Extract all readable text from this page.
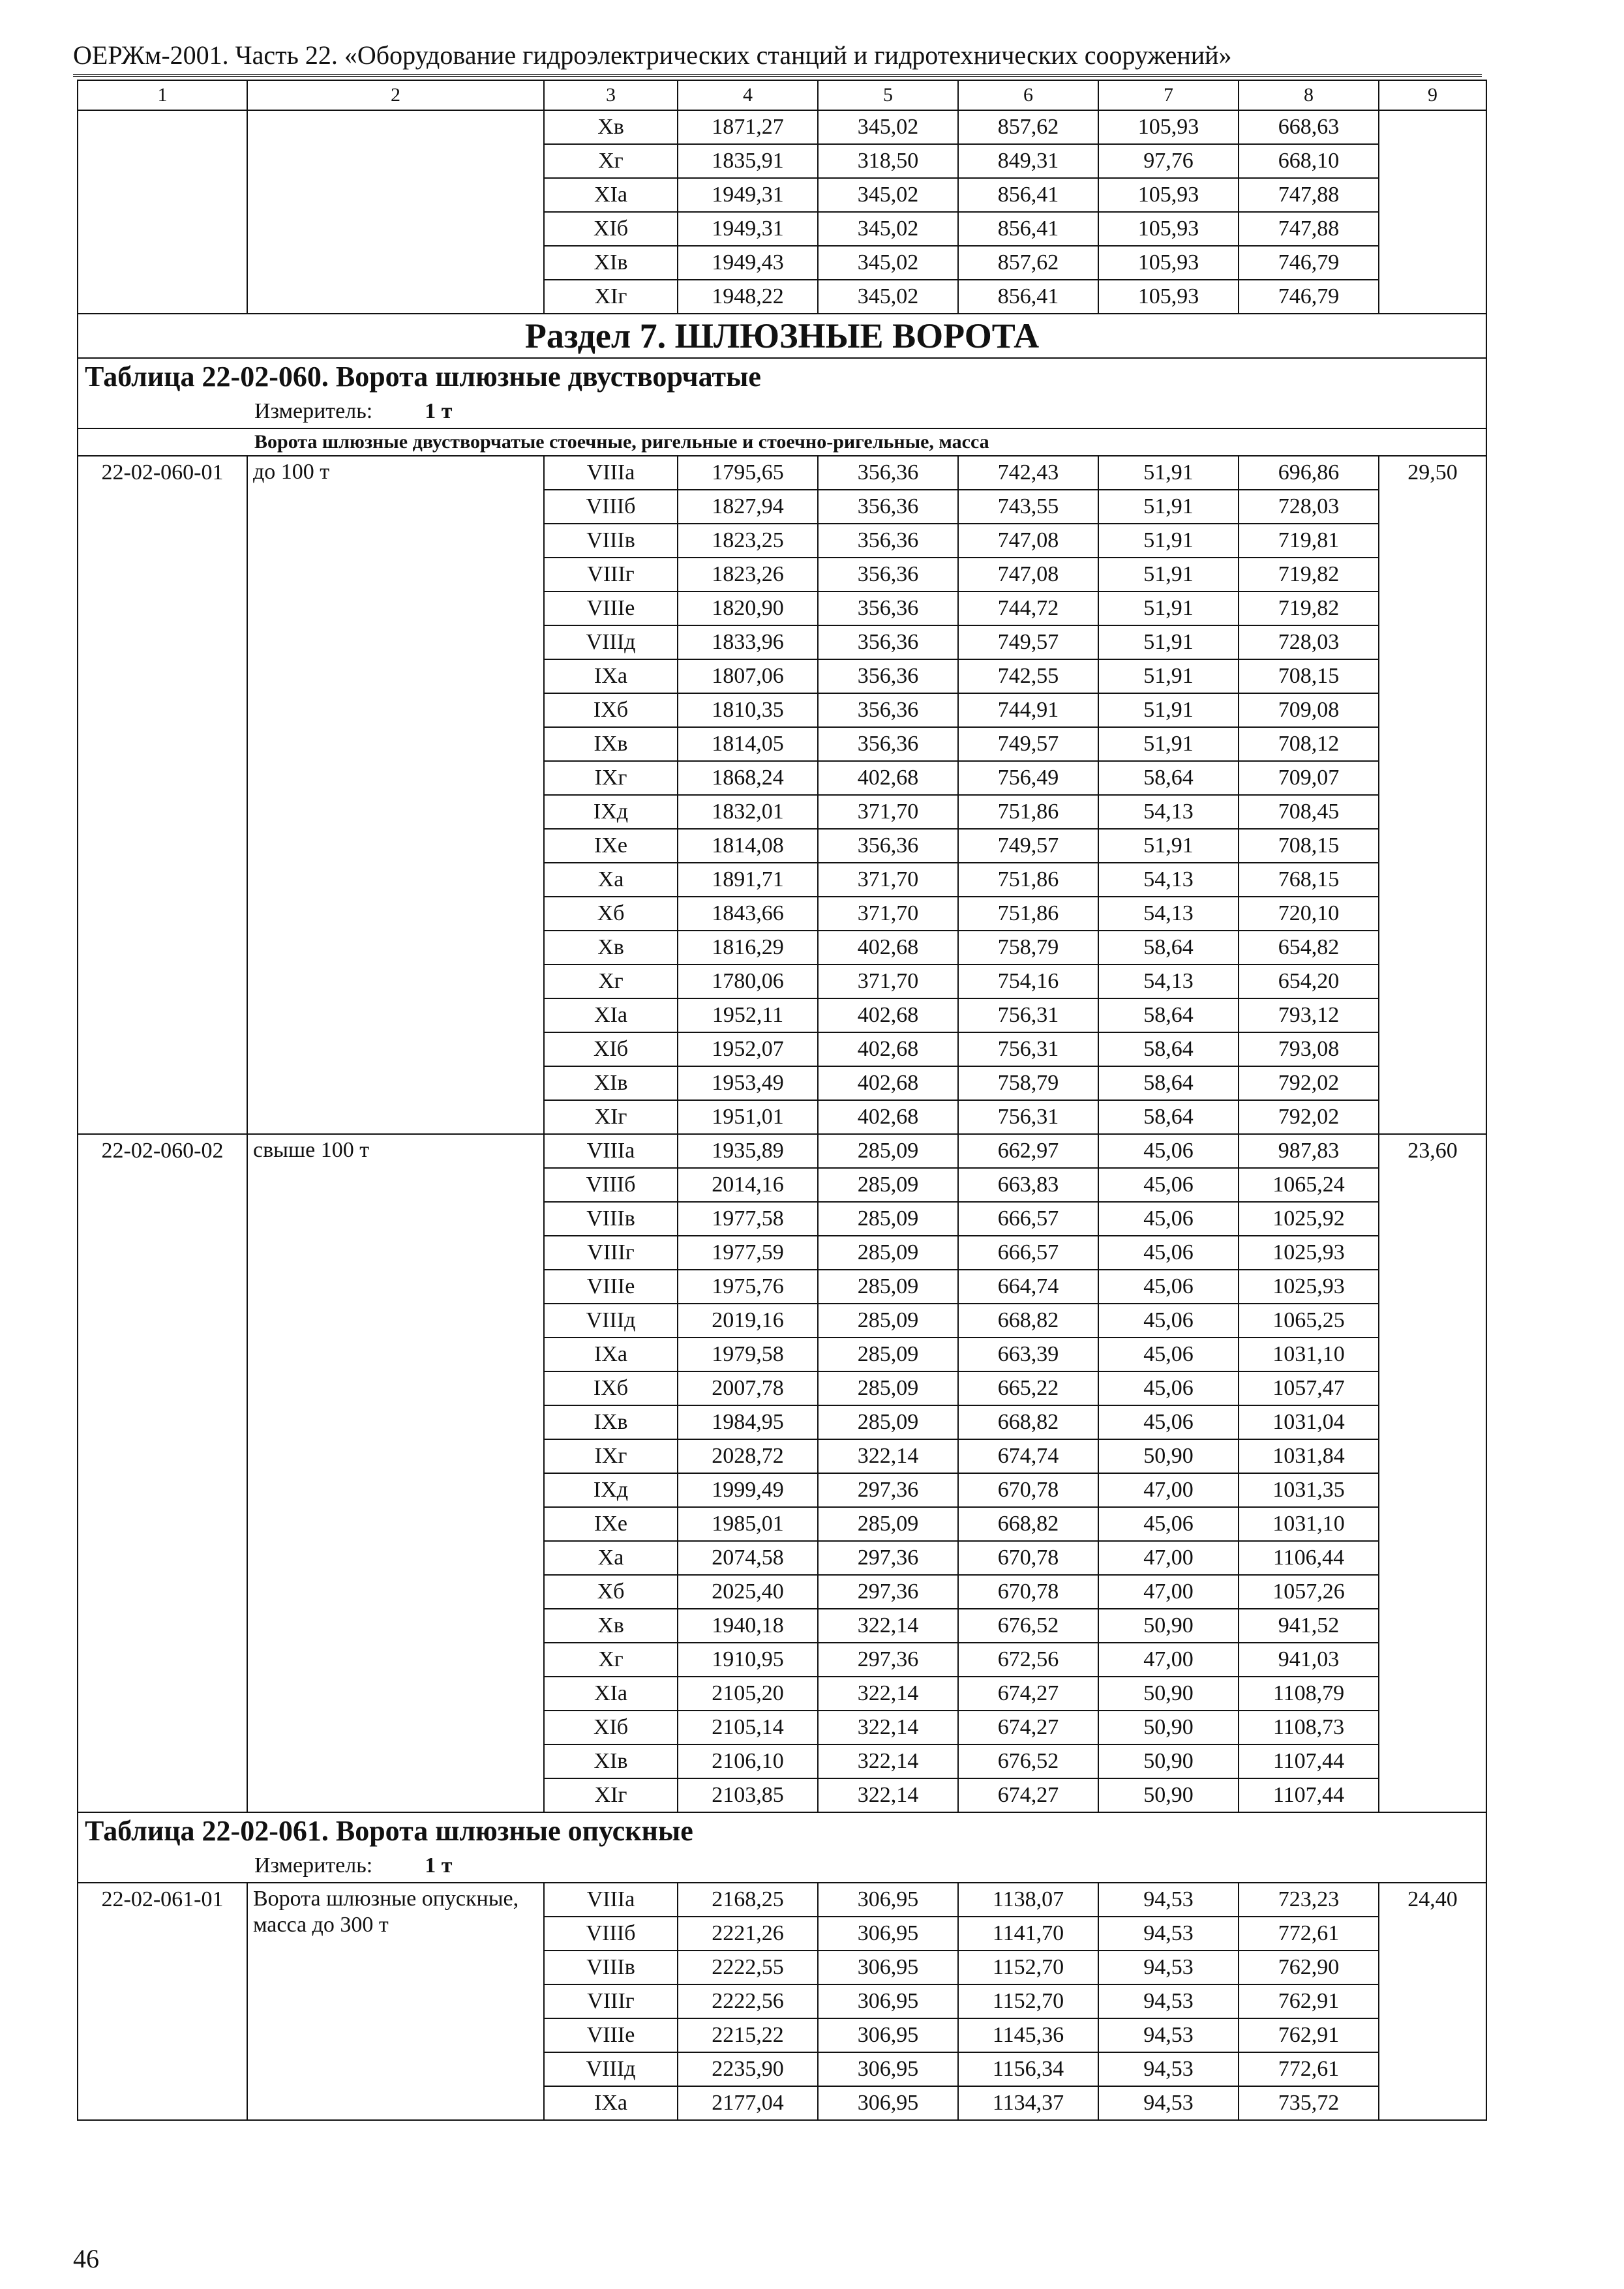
ОЕРЖм-2001. Часть 22. «Оборудование гидроэлектрических станций и гидротехнических сооружений»
1	2	3	4	5	6	7	8	9
		Хв	1871,27	345,02	857,62	105,93	668,63	
		Хг	1835,91	318,50	849,31	97,76	668,10	
		ХIа	1949,31	345,02	856,41	105,93	747,88	
		ХIб	1949,31	345,02	856,41	105,93	747,88	
		ХIв	1949,43	345,02	857,62	105,93	746,79	
		ХIг	1948,22	345,02	856,41	105,93	746,79	
Раздел 7. ШЛЮЗНЫЕ ВОРОТА								
Таблица 22-02-060. Ворота шлюзные двустворчатые								
Измеритель: 1 т								
Ворота шлюзные двустворчатые стоечные, ригельные и стоечно-ригельные, масса								
22-02-060-01	до 100 т	VIIIа	1795,65	356,36	742,43	51,91	696,86	29,50
		VIIIб	1827,94	356,36	743,55	51,91	728,03	
		VIIIв	1823,25	356,36	747,08	51,91	719,81	
		VIIIг	1823,26	356,36	747,08	51,91	719,82	
		VIIIе	1820,90	356,36	744,72	51,91	719,82	
		VIIIд	1833,96	356,36	749,57	51,91	728,03	
		IХа	1807,06	356,36	742,55	51,91	708,15	
		IХб	1810,35	356,36	744,91	51,91	709,08	
		IХв	1814,05	356,36	749,57	51,91	708,12	
		IХг	1868,24	402,68	756,49	58,64	709,07	
		IХд	1832,01	371,70	751,86	54,13	708,45	
		IХе	1814,08	356,36	749,57	51,91	708,15	
		Ха	1891,71	371,70	751,86	54,13	768,15	
		Хб	1843,66	371,70	751,86	54,13	720,10	
		Хв	1816,29	402,68	758,79	58,64	654,82	
		Хг	1780,06	371,70	754,16	54,13	654,20	
		ХIа	1952,11	402,68	756,31	58,64	793,12	
		ХIб	1952,07	402,68	756,31	58,64	793,08	
		ХIв	1953,49	402,68	758,79	58,64	792,02	
		ХIг	1951,01	402,68	756,31	58,64	792,02	
22-02-060-02	свыше 100 т	VIIIа	1935,89	285,09	662,97	45,06	987,83	23,60
		VIIIб	2014,16	285,09	663,83	45,06	1065,24	
		VIIIв	1977,58	285,09	666,57	45,06	1025,92	
		VIIIг	1977,59	285,09	666,57	45,06	1025,93	
		VIIIе	1975,76	285,09	664,74	45,06	1025,93	
		VIIIд	2019,16	285,09	668,82	45,06	1065,25	
		IХа	1979,58	285,09	663,39	45,06	1031,10	
		IХб	2007,78	285,09	665,22	45,06	1057,47	
		IХв	1984,95	285,09	668,82	45,06	1031,04	
		IХг	2028,72	322,14	674,74	50,90	1031,84	
		IХд	1999,49	297,36	670,78	47,00	1031,35	
		IХе	1985,01	285,09	668,82	45,06	1031,10	
		Ха	2074,58	297,36	670,78	47,00	1106,44	
		Хб	2025,40	297,36	670,78	47,00	1057,26	
		Хв	1940,18	322,14	676,52	50,90	941,52	
		Хг	1910,95	297,36	672,56	47,00	941,03	
		ХIа	2105,20	322,14	674,27	50,90	1108,79	
		ХIб	2105,14	322,14	674,27	50,90	1108,73	
		ХIв	2106,10	322,14	676,52	50,90	1107,44	
		ХIг	2103,85	322,14	674,27	50,90	1107,44	
Таблица 22-02-061. Ворота шлюзные опускные								
Измеритель: 1 т								
22-02-061-01	Ворота шлюзные опускные, масса до 300 т	VIIIа	2168,25	306,95	1138,07	94,53	723,23	24,40
		VIIIб	2221,26	306,95	1141,70	94,53	772,61	
		VIIIв	2222,55	306,95	1152,70	94,53	762,90	
		VIIIг	2222,56	306,95	1152,70	94,53	762,91	
		VIIIе	2215,22	306,95	1145,36	94,53	762,91	
		VIIIд	2235,90	306,95	1156,34	94,53	772,61	
		IХа	2177,04	306,95	1134,37	94,53	735,72	
46
